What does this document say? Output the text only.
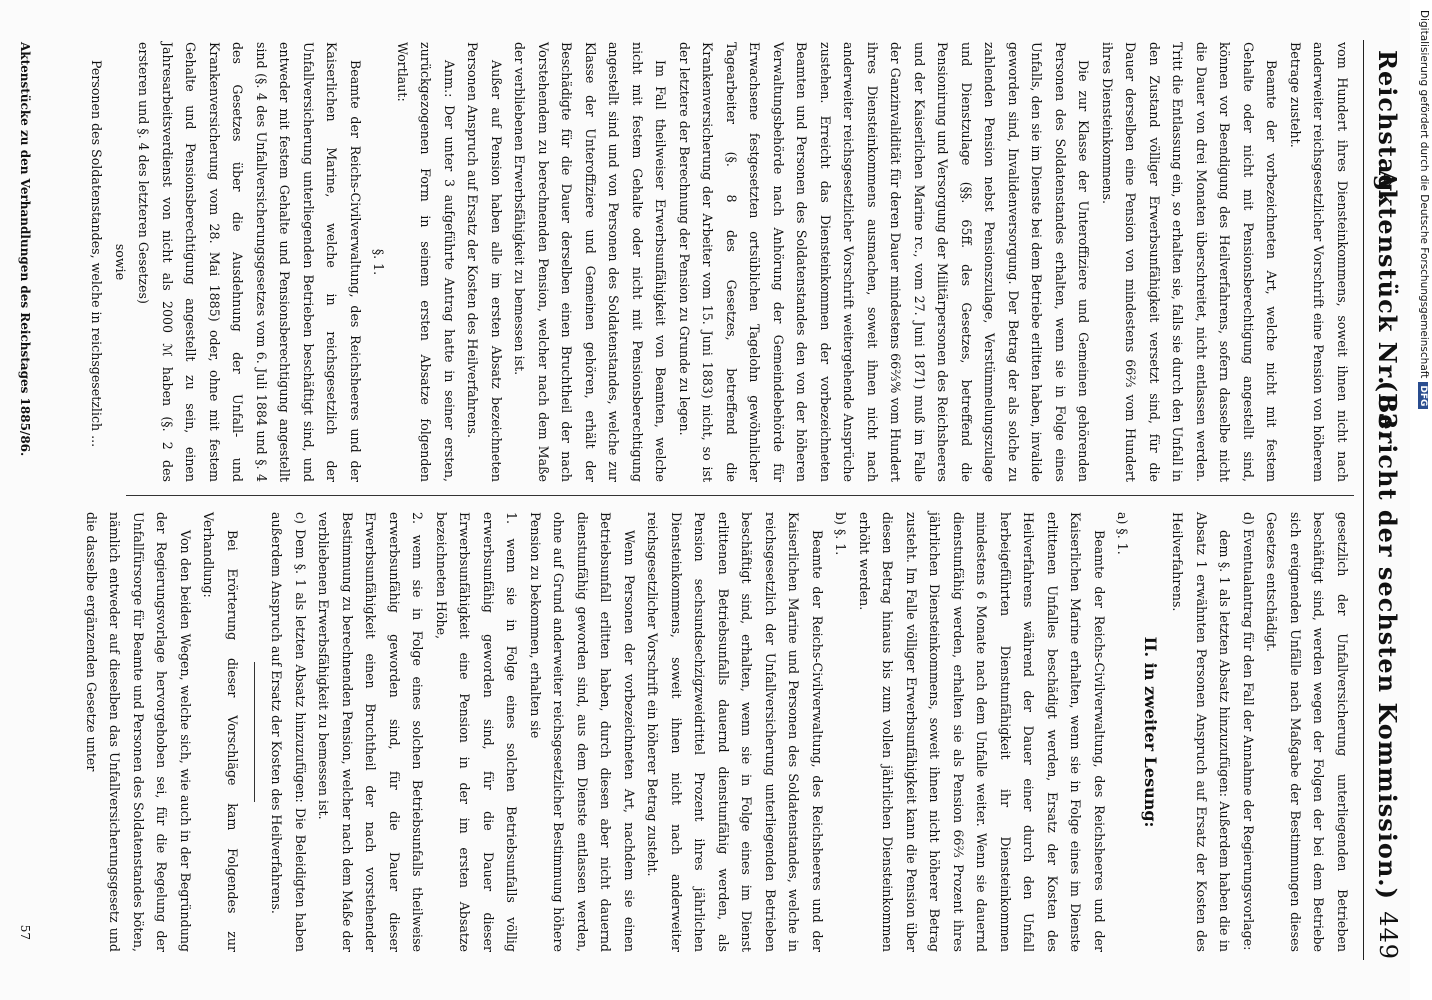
Reichstag.
Aktenstück Nr. 83.
(Bericht der sechsten Kommission.)
449

vom Hundert ihres Diensteinkommens, soweit ihnen nicht nach anderweiter reichsgesetzlicher Vorschrift eine Pension von höherem Betrage zusteht.

Beamte der vorbezeichneten Art, welche nicht mit festem Gehalte oder nicht mit Pensionsberechtigung angestellt sind, können vor Beendigung des Heilverfahrens, sofern dasselbe nicht die Dauer von drei Monaten überschreitet, nicht entlassen werden. Tritt die Entlassung ein, so erhalten sie, falls sie durch den Unfall in den Zustand völliger Erwerbsunfähigkeit versetzt sind, für die Dauer derselben eine Pension von mindestens 66⅔ vom Hundert ihres Diensteinkommens.

Die zur Klasse der Unteroffiziere und Gemeinen gehörenden Personen des Soldatenstandes erhalten, wenn sie in Folge eines Unfalls, den sie im Dienste bei dem Betriebe erlitten haben, invalide geworden sind, Invalidenversorgung. Der Betrag der als solche zu zahlenden Pension nebst Pensionszulage, Verstümmelungszulage und Dienstzulage (§§. 65ff. des Gesetzes, betreffend die Pensionirung und Versorgung der Militärpersonen des Reichsheeres und der Kaiserlichen Marine rc., vom 27. Juni 1871) muß im Falle der Ganzinvalidität für deren Dauer mindestens 66⅔% vom Hundert ihres Diensteinkommens ausmachen, soweit ihnen nicht nach anderweiter reichsgesetzlicher Vorschrift weitergehende Ansprüche zustehen. Erreicht das Diensteinkommen der vorbezeichneten Beamten und Personen des Soldatenstandes den von der höheren Verwaltungsbehörde nach Anhörung der Gemeindebehörde für Erwachsene festgesetzten ortsüblichen Tagelohn gewöhnlicher Tagearbeiter (§. 8 des Gesetzes, betreffend die Krankenversicherung der Arbeiter vom 15. Juni 1883) nicht, so ist der letztere der Berechnung der Pension zu Grunde zu legen.

Im Fall theilweiser Erwerbsunfähigkeit von Beamten, welche nicht mit festem Gehalte oder nicht mit Pensionsberechtigung angestellt sind und von Personen des Soldatenstandes, welche zur Klasse der Unteroffiziere und Gemeinen gehören, erhält der Beschädigte für die Dauer derselben einen Bruchtheil der nach Vorstehendem zu berechnenden Pension, welcher nach dem Maße der verbliebenen Erwerbsfähigkeit zu bemessen ist.

Außer auf Pension haben alle im ersten Absatz bezeichneten Personen Anspruch auf Ersatz der Kosten des Heilverfahrens.

Anm.: Der unter 3 aufgeführte Antrag hatte in seiner ersten, zurückgezogenen Form in seinem ersten Absatze folgenden Wortlaut:

§. 1.

Beamte der Reichs-Civilverwaltung, des Reichsheeres und der Kaiserlichen Marine, welche in reichsgesetzlich der Unfallversicherung unterliegenden Betrieben beschäftigt sind, und entweder mit festem Gehalte und Pensionsberechtigung angestellt sind (§. 4 des Unfallversicherungsgesetzes vom 6. Juli 1884 und §. 4 des Gesetzes über die Ausdehnung der Unfall- und Krankenversicherung vom 28. Mai 1885) oder, ohne mit festem Gehalte und Pensionsberechtigung angestellt zu sein, einen Jahresarbeitsverdienst von nicht als 2000 ℳ haben (§. 2 des ersteren und §. 4 des letzteren Gesetzes)

sowie

Personen des Soldatenstandes, welche in reichsgesetzlich ...

gesetzlich der Unfallversicherung unterliegenden Betrieben beschäftigt sind, werden wegen der Folgen der bei dem Betriebe sich ereignenden Unfälle nach Maßgabe der Bestimmungen dieses Gesetzes entschädigt.

d) Eventualantrag für den Fall der Annahme der Regierungsvorlage:

dem §. 1 als letzten Absatz hinzuzufügen: Außerdem haben die in Absatz 1 erwähnten Personen Anspruch auf Ersatz der Kosten des Heilverfahrens.

II. in zweiter Lesung:

a) §. 1.

Beamte der Reichs-Civilverwaltung, des Reichsheeres und der Kaiserlichen Marine erhalten, wenn sie in Folge eines im Dienste erlittenen Unfalles beschädigt werden, Ersatz der Kosten des Heilverfahrens während der Dauer einer durch den Unfall herbeigeführten Dienstunfähigkeit ihr Diensteinkommen mindestens 6 Monate nach dem Unfalle weiter. Wenn sie dauernd dienstunfähig werden, erhalten sie als Pension 66⅔ Prozent ihres jährlichen Diensteinkommens, soweit ihnen nicht höherer Betrag zusteht. Im Falle völliger Erwerbsunfähigkeit kann die Pension über diesen Betrag hinaus bis zum vollen jährlichen Diensteinkommen erhöht werden.

b) §. 1.

Beamte der Reichs-Civilverwaltung, des Reichsheeres und der Kaiserlichen Marine und Personen des Soldatenstandes, welche in reichsgesetzlich der Unfallversicherung unterliegenden Betrieben beschäftigt sind, erhalten, wenn sie in Folge eines im Dienst erlittenen Betriebsunfalls dauernd dienstunfähig werden, als Pension sechsundsechzigzweidrittel Prozent ihres jährlichen Diensteinkommens, soweit ihnen nicht nach anderweiter reichsgesetzlicher Vorschrift ein höherer Betrag zusteht.

Wenn Personen der vorbezeichneten Art, nachdem sie einen Betriebsunfall erlitten haben, durch diesen aber nicht dauernd dienstunfähig geworden sind, aus dem Dienste entlassen werden, ohne auf Grund anderweiter reichsgesetzlicher Bestimmung höhere Pension zu bekommen, erhalten sie

1. wenn sie in Folge eines solchen Betriebsunfalls völlig erwerbsunfähig geworden sind, für die Dauer dieser Erwerbsunfähigkeit eine Pension in der im ersten Absatze bezeichneten Höhe,

2. wenn sie in Folge eines solchen Betriebsunfalls theilweise erwerbsunfähig geworden sind, für die Dauer dieser Erwerbsunfähigkeit einen Bruchtheil der nach vorstehender Bestimmung zu berechnenden Pension, welcher nach dem Maße der verbliebenen Erwerbsfähigkeit zu bemessen ist.

c) Dem §. 1 als letzten Absatz hinzuzufügen: Die Beleidigten haben außerdem Anspruch auf Ersatz der Kosten des Heilverfahrens.

Bei Erörterung dieser Vorschläge kam Folgendes zur Verhandlung:

Von den beiden Wegen, welche sich, wie auch in der Begründung der Regierungsvorlage hervorgehoben sei, für die Regelung der Unfallfürsorge für Beamte und Personen des Soldatenstandes böten, nämlich entweder auf dieselben das Unfallversicherungsgesetz und die dasselbe ergänzenden Gesetze unter

Aktenstücke zu den Verhandlungen des Reichstages 1885/86.
57
Digitalisierung gefördert durch die Deutsche ForschungsgemeinschaftDFG
